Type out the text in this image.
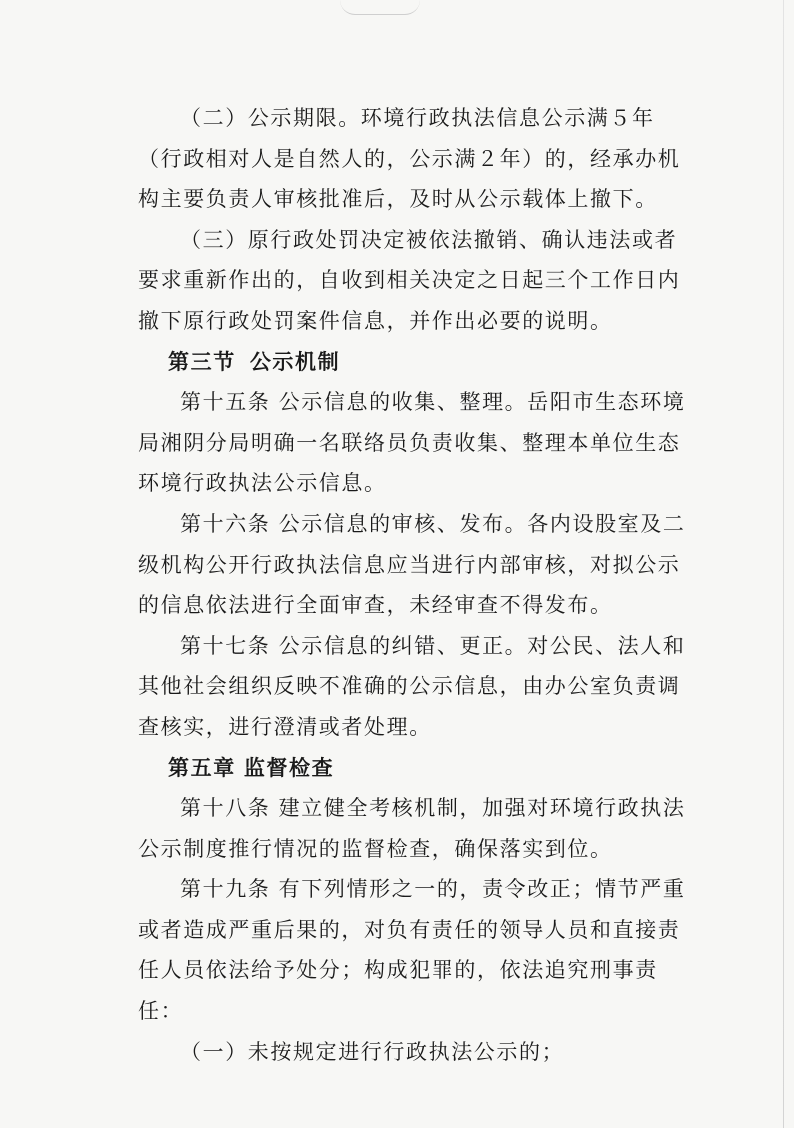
（二）公示期限。环境行政执法信息公示满５年（行政相对人是自然人的，公示满２年）的，经承办机构主要负责人审核批准后，及时从公示载体上撤下。

（三）原行政处罚决定被依法撤销、确认违法或者要求重新作出的，自收到相关决定之日起三个工作日内撤下原行政处罚案件信息，并作出必要的说明。

第三节 公示机制

第十五条 公示信息的收集、整理。岳阳市生态环境局湘阴分局明确一名联络员负责收集、整理本单位生态环境行政执法公示信息。

第十六条 公示信息的审核、发布。各内设股室及二级机构公开行政执法信息应当进行内部审核，对拟公示的信息依法进行全面审查，未经审查不得发布。

第十七条 公示信息的纠错、更正。对公民、法人和其他社会组织反映不准确的公示信息，由办公室负责调查核实，进行澄清或者处理。

第五章 监督检查

第十八条 建立健全考核机制，加强对环境行政执法公示制度推行情况的监督检查，确保落实到位。

第十九条 有下列情形之一的，责令改正；情节严重或者造成严重后果的，对负有责任的领导人员和直接责任人员依法给予处分；构成犯罪的，依法追究刑事责任：

（一）未按规定进行行政执法公示的；
